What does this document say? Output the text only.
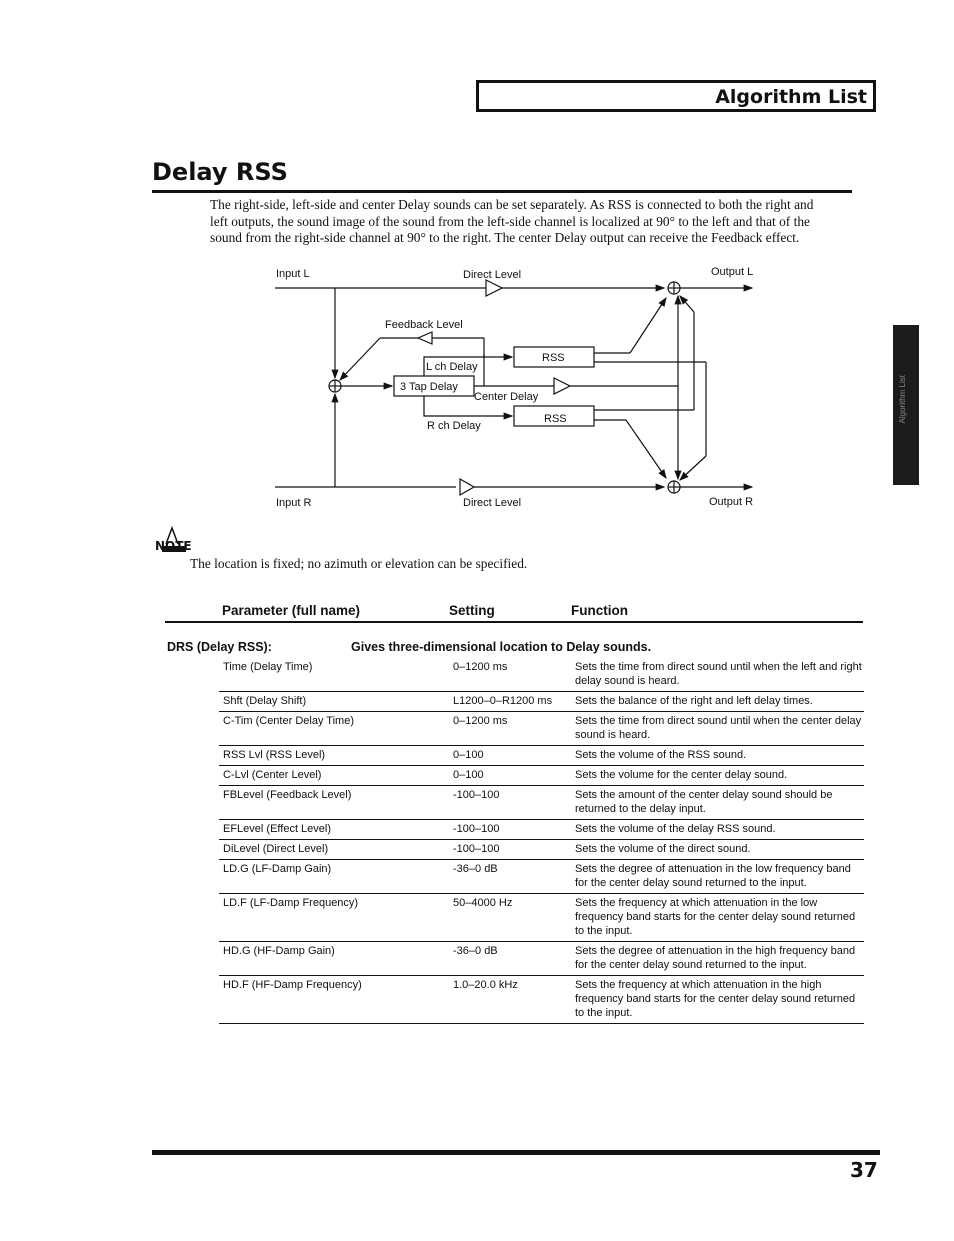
Algorithm List
Delay RSS
The right-side, left-side and center Delay sounds can be set separately. As RSS is connected to both the right and
left outputs, the sound image of the sound from the left-side channel is localized at 90° to the left and that of the
sound from the right-side channel at 90° to the right. The center Delay output can receive the Feedback effect.
Algorithm List
Input L	Direct Level	Output L
Feedback Level
L ch Delay
Center Delay
R ch Delay
Input R	Direct Level	Output R
3 Tap Delay
RSS
RSS
NOTE
The location is fixed; no azimuth or elevation can be specified.
Parameter (full name)	Setting	Function
DRS (Delay RSS):	Gives three-dimensional location to Delay sounds.
Time (Delay Time)	0–1200 ms	Sets the time from direct sound until when the left and right delay sound is heard.
Shft (Delay Shift)	L1200–0–R1200 ms	Sets the balance of the right and left delay times.
C-Tim (Center Delay Time)	0–1200 ms	Sets the time from direct sound until when the center delay sound is heard.
RSS Lvl (RSS Level)	0–100	Sets the volume of the RSS sound.
C-Lvl (Center Level)	0–100	Sets the volume for the center delay sound.
FBLevel (Feedback Level)	-100–100	Sets the amount of the center delay sound should be returned to the delay input.
EFLevel (Effect Level)	-100–100	Sets the volume of the delay RSS sound.
DiLevel (Direct Level)	-100–100	Sets the volume of the direct sound.
LD.G (LF-Damp Gain)	-36–0 dB	Sets the degree of attenuation in the low frequency band for the center delay sound returned to the input.
LD.F (LF-Damp Frequency)	50–4000 Hz	Sets the frequency at which attenuation in the low frequency band starts for the center delay sound returned to the input.
HD.G (HF-Damp Gain)	-36–0 dB	Sets the degree of attenuation in the high frequency band for the center delay sound returned to the input.
HD.F (HF-Damp Frequency)	1.0–20.0 kHz	Sets the frequency at which attenuation in the high frequency band starts for the center delay sound returned to the input.
37
